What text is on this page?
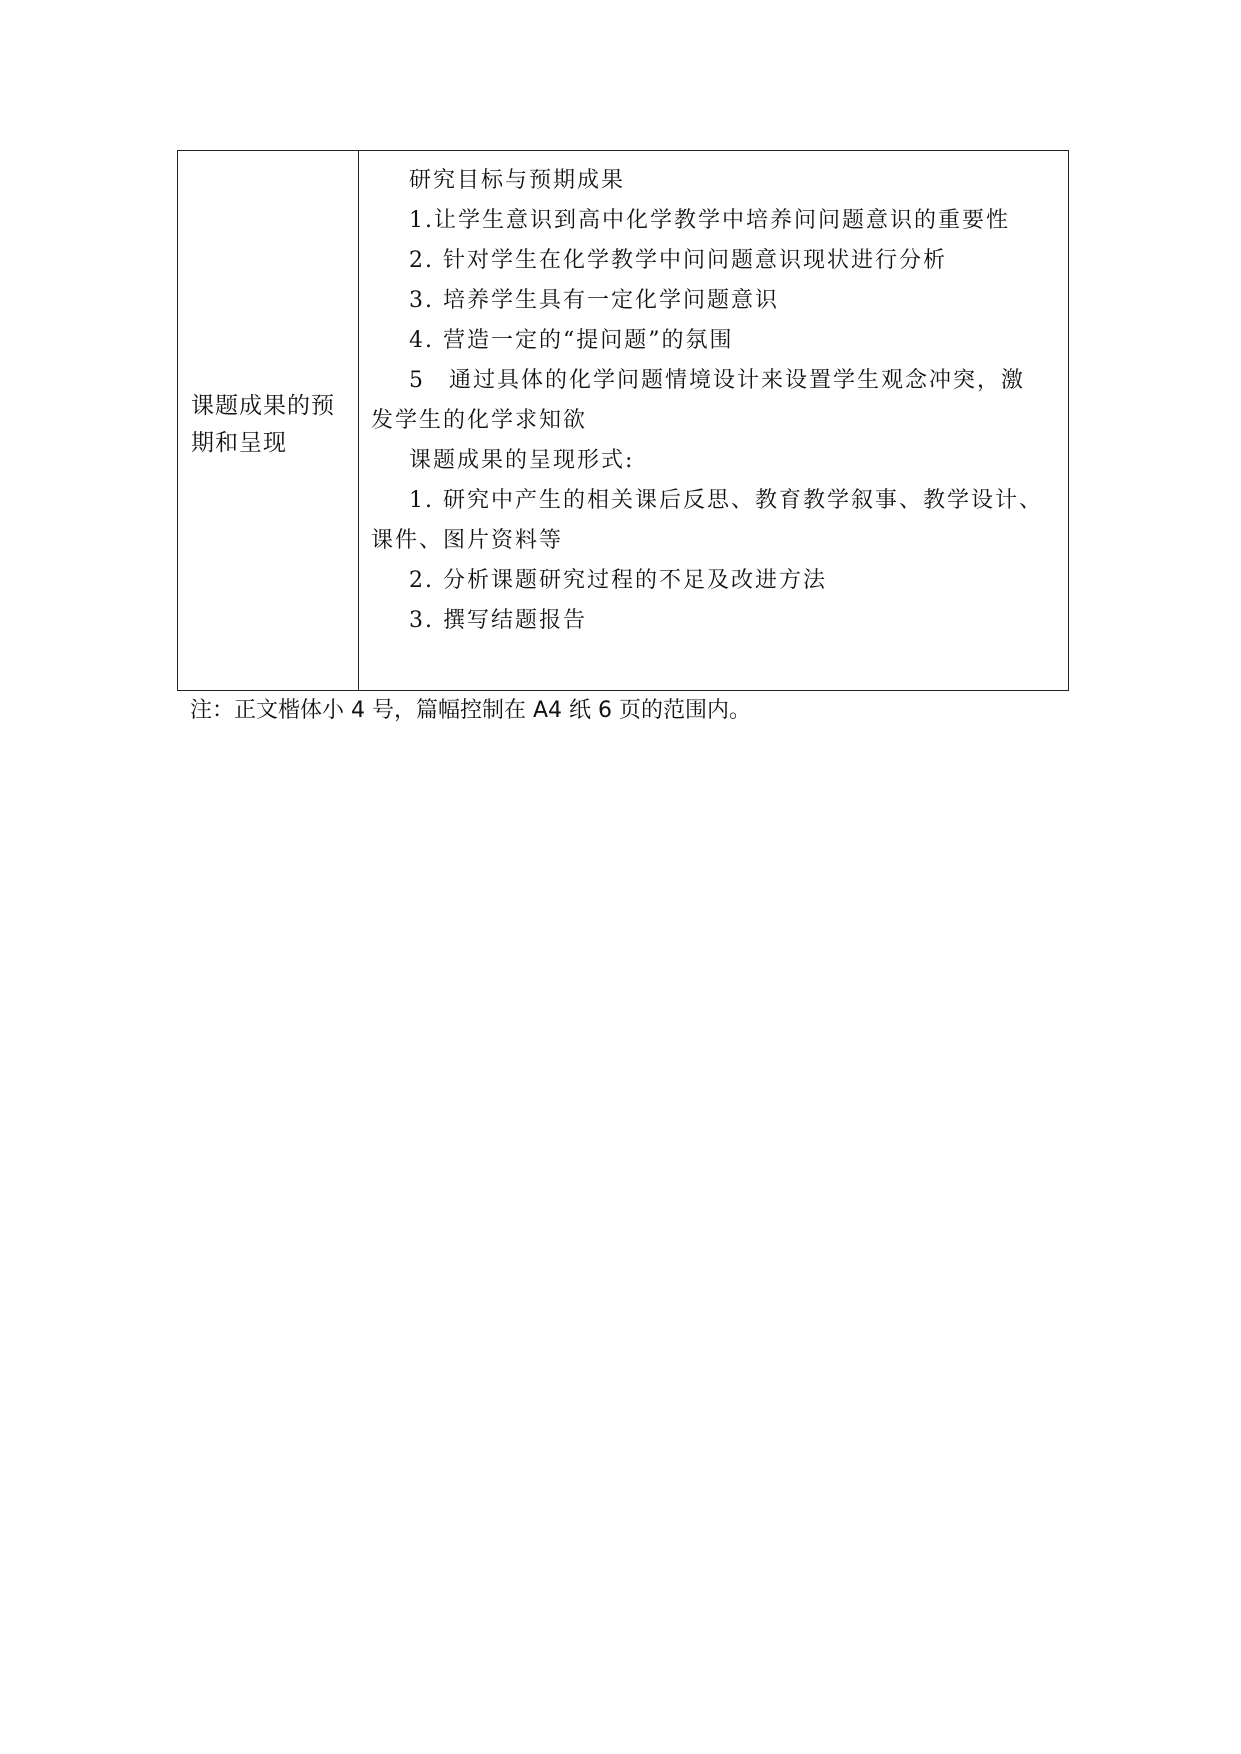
课题成果的预期和呈现
研究目标与预期成果
1.让学生意识到高中化学教学中培养问问题意识的重要性
2. 针对学生在化学教学中问问题意识现状进行分析
3. 培养学生具有一定化学问题意识
4. 营造一定的“提问题”的氛围
5　通过具体的化学问题情境设计来设置学生观念冲突，激
发学生的化学求知欲
课题成果的呈现形式:
1. 研究中产生的相关课后反思、教育教学叙事、教学设计、
课件、图片资料等
2. 分析课题研究过程的不足及改进方法
3. 撰写结题报告
注：正文楷体小 4 号，篇幅控制在 A4 纸 6 页的范围内。
